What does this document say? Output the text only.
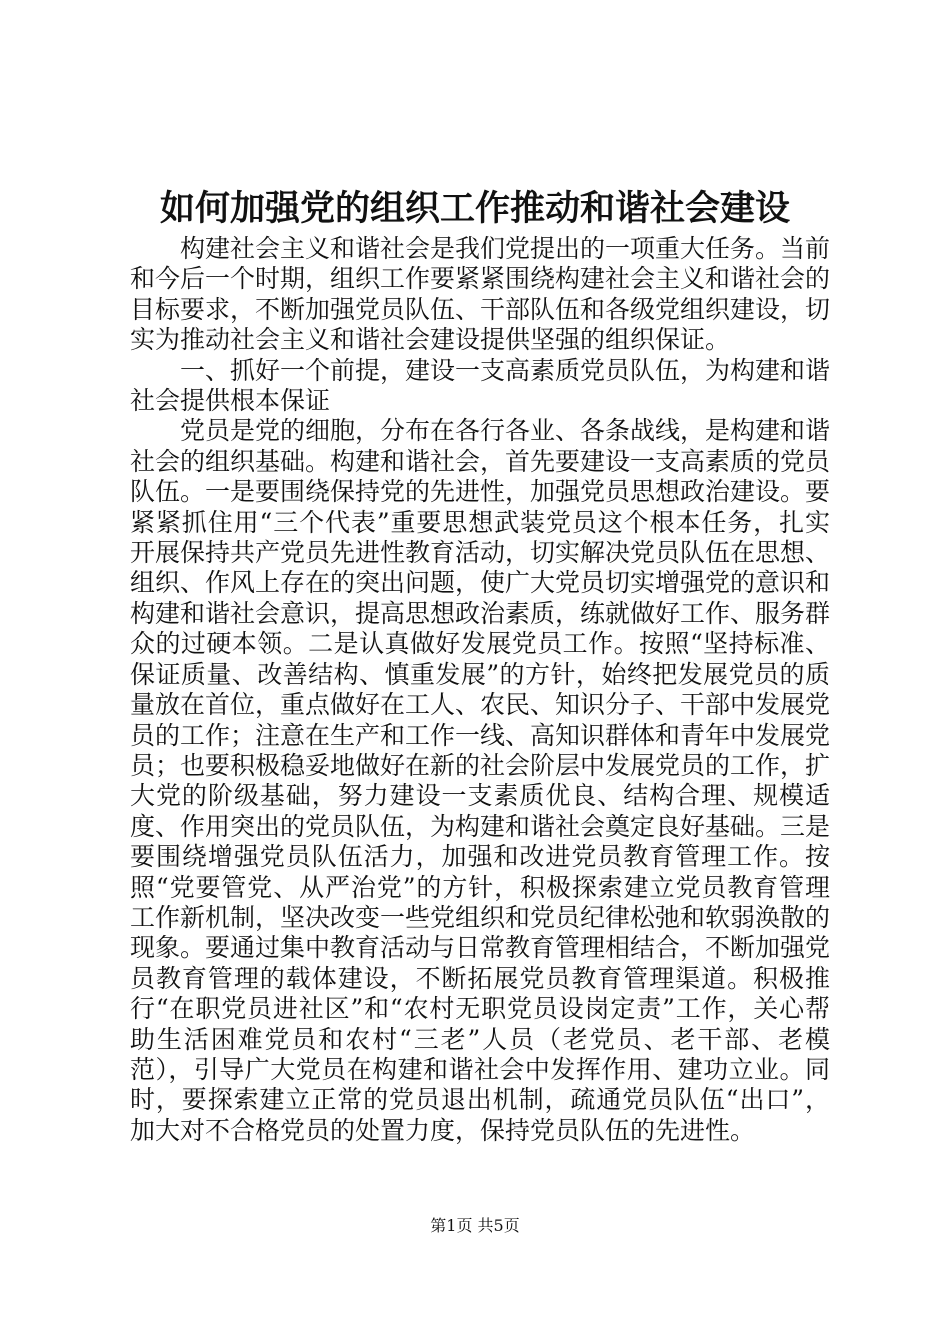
如何加强党的组织工作推动和谐社会建设

构建社会主义和谐社会是我们党提出的一项重大任务。当前和今后一个时期，组织工作要紧紧围绕构建社会主义和谐社会的目标要求，不断加强党员队伍、干部队伍和各级党组织建设，切实为推动社会主义和谐社会建设提供坚强的组织保证。

一、抓好一个前提，建设一支高素质党员队伍，为构建和谐社会提供根本保证

党员是党的细胞，分布在各行各业、各条战线，是构建和谐社会的组织基础。构建和谐社会，首先要建设一支高素质的党员队伍。一是要围绕保持党的先进性，加强党员思想政治建设。要紧紧抓住用“三个代表”重要思想武装党员这个根本任务，扎实开展保持共产党员先进性教育活动，切实解决党员队伍在思想、组织、作风上存在的突出问题，使广大党员切实增强党的意识和构建和谐社会意识，提高思想政治素质，练就做好工作、服务群众的过硬本领。二是认真做好发展党员工作。按照“坚持标准、保证质量、改善结构、慎重发展”的方针，始终把发展党员的质量放在首位，重点做好在工人、农民、知识分子、干部中发展党员的工作；注意在生产和工作一线、高知识群体和青年中发展党员；也要积极稳妥地做好在新的社会阶层中发展党员的工作，扩大党的阶级基础，努力建设一支素质优良、结构合理、规模适度、作用突出的党员队伍，为构建和谐社会奠定良好基础。三是要围绕增强党员队伍活力，加强和改进党员教育管理工作。按照“党要管党、从严治党”的方针，积极探索建立党员教育管理工作新机制，坚决改变一些党组织和党员纪律松弛和软弱涣散的现象。要通过集中教育活动与日常教育管理相结合，不断加强党员教育管理的载体建设，不断拓展党员教育管理渠道。积极推行“在职党员进社区”和“农村无职党员设岗定责”工作，关心帮助生活困难党员和农村“三老”人员（老党员、老干部、老模范），引导广大党员在构建和谐社会中发挥作用、建功立业。同时，要探索建立正常的党员退出机制，疏通党员队伍“出口”，加大对不合格党员的处置力度，保持党员队伍的先进性。

第1页 共5页
